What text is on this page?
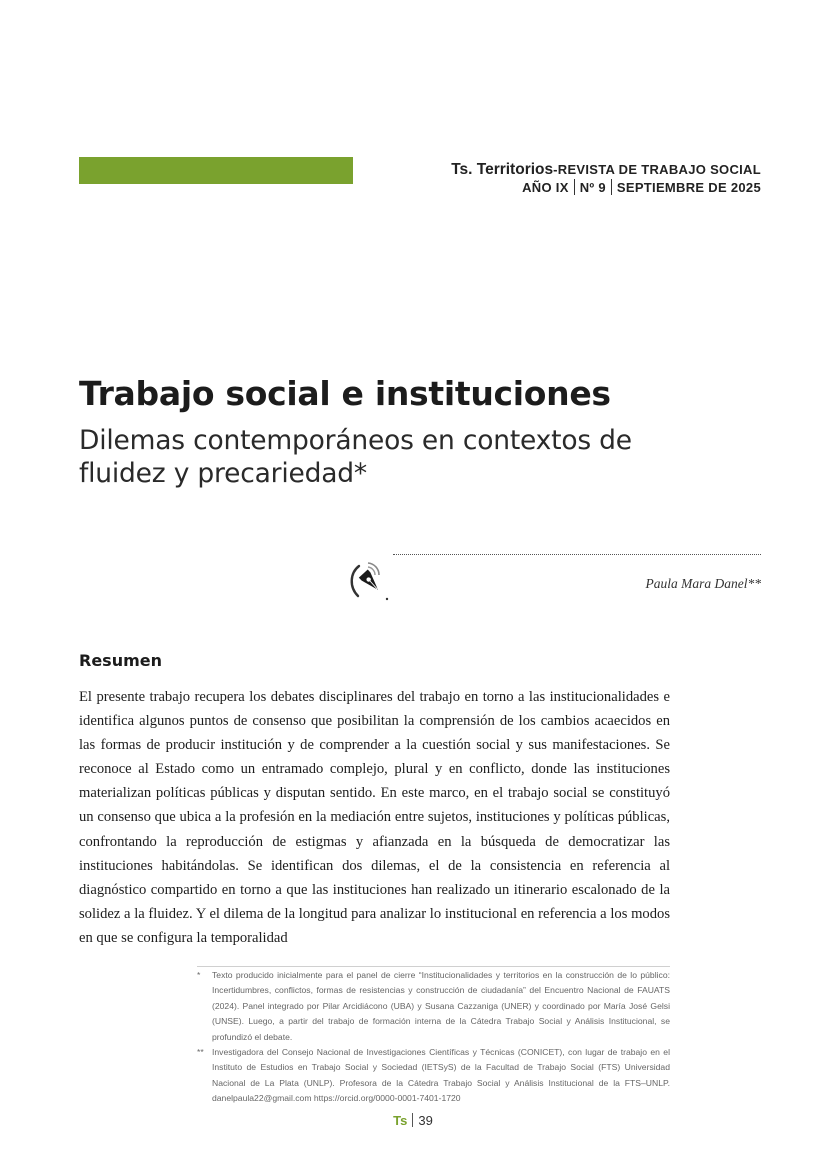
Ts. Territorios-REVISTA DE TRABAJO SOCIAL
AÑO IX Nº 9 SEPTIEMBRE DE 2025
Trabajo social e instituciones
Dilemas contemporáneos en contextos de fluidez y precariedad*
Paula Mara Danel**
Resumen

El presente trabajo recupera los debates disciplinares del trabajo en torno a las institucionalidades e identifica algunos puntos de consenso que posibilitan la comprensión de los cambios acaecidos en las formas de producir institución y de comprender a la cuestión social y sus manifestaciones. Se reconoce al Estado como un entramado complejo, plural y en conflicto, donde las instituciones materializan políticas públicas y disputan sentido. En este marco, en el trabajo social se constituyó un consenso que ubica a la profesión en la mediación entre sujetos, instituciones y políticas públicas, confrontando la reproducción de estigmas y afianzada en la búsqueda de democratizar las instituciones habitándolas. Se identifican dos dilemas, el de la consistencia en referencia al diagnóstico compartido en torno a que las instituciones han realizado un itinerario escalonado de la solidez a la fluidez. Y el dilema de la longitud para analizar lo institucional en referencia a los modos en que se configura la temporalidad

*	Texto producido inicialmente para el panel de cierre “Institucionalidades y territorios en la construcción de lo público: Incertidumbres, conflictos, formas de resistencias y construcción de ciudadanía” del Encuentro Nacional de FAUATS (2024). Panel integrado por Pilar Arcidiácono (UBA) y Susana Cazzaniga (UNER) y coordinado por María José Gelsi (UNSE). Luego, a partir del trabajo de formación interna de la Cátedra Trabajo Social y Análisis Institucional, se profundizó el debate.
** Investigadora del Consejo Nacional de Investigaciones Científicas y Técnicas (CONICET), con lugar de trabajo en el Instituto de Estudios en Trabajo Social y Sociedad (IETSyS) de la Facultad de Trabajo Social (FTS) Universidad Nacional de La Plata (UNLP). Profesora de la Cátedra Trabajo Social y Análisis Institucional de la FTS–UNLP. danelpaula22@gmail.com https://orcid.org/0000-0001-7401-1720
Ts 39
